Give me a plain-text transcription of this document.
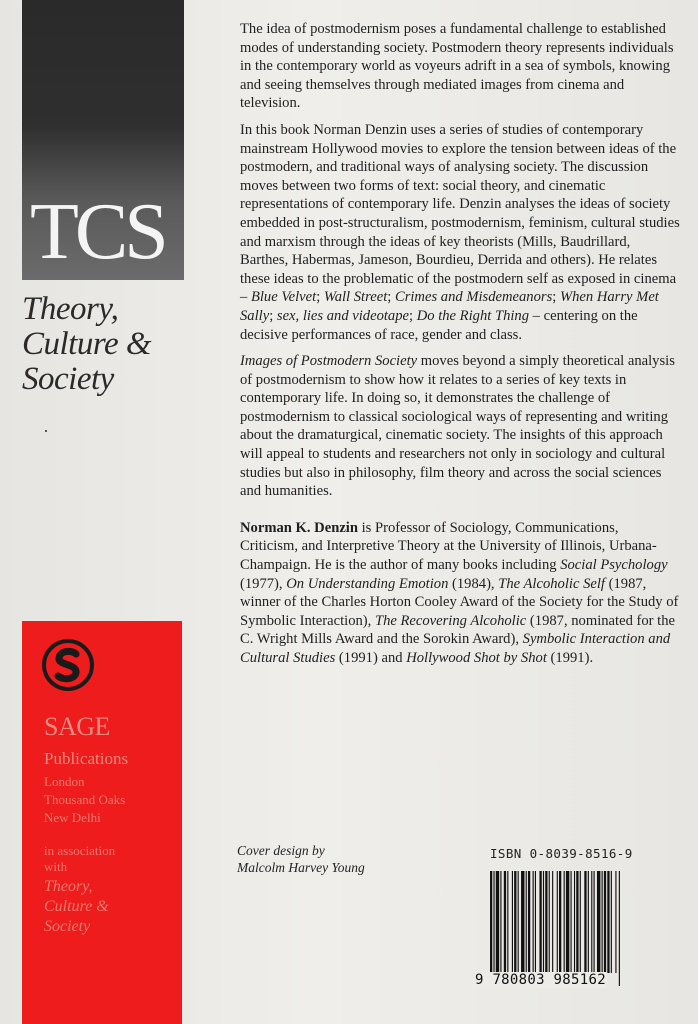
TCS
Theory,
Culture &
Society
SAGE
Publications
London
Thousand Oaks
New Delhi
in association
with
Theory,
Culture &
Society

The idea of postmodernism poses a fundamental challenge to established modes of understanding society. Postmodern theory represents individuals in the contemporary world as voyeurs adrift in a sea of symbols, knowing and seeing themselves through mediated images from cinema and television.

In this book Norman Denzin uses a series of studies of contemporary mainstream Hollywood movies to explore the tension between ideas of the postmodern, and traditional ways of analysing society. The discussion moves between two forms of text: social theory, and cinematic representations of contemporary life. Denzin analyses the ideas of society embedded in post-structuralism, postmodernism, feminism, cultural studies and marxism through the ideas of key theorists (Mills, Baudrillard, Barthes, Habermas, Jameson, Bourdieu, Derrida and others). He relates these ideas to the problematic of the postmodern self as exposed in cinema – Blue Velvet; Wall Street; Crimes and Misdemeanors; When Harry Met Sally; sex, lies and videotape; Do the Right Thing – centering on the decisive performances of race, gender and class.

Images of Postmodern Society moves beyond a simply theoretical analysis of postmodernism to show how it relates to a series of key texts in contemporary life. In doing so, it demonstrates the challenge of postmodernism to classical sociological ways of representing and writing about the dramaturgical, cinematic society. The insights of this approach will appeal to students and researchers not only in sociology and cultural studies but also in philosophy, film theory and across the social sciences and humanities.

Norman K. Denzin is Professor of Sociology, Communications, Criticism, and Interpretive Theory at the University of Illinois, Urbana-Champaign. He is the author of many books including Social Psychology (1977), On Understanding Emotion (1984), The Alcoholic Self (1987, winner of the Charles Horton Cooley Award of the Society for the Study of Symbolic Interaction), The Recovering Alcoholic (1987, nominated for the C. Wright Mills Award and the Sorokin Award), Symbolic Interaction and Cultural Studies (1991) and Hollywood Shot by Shot (1991).

Cover design by
Malcolm Harvey Young
ISBN 0-8039-8516-9
9 780803 985162
